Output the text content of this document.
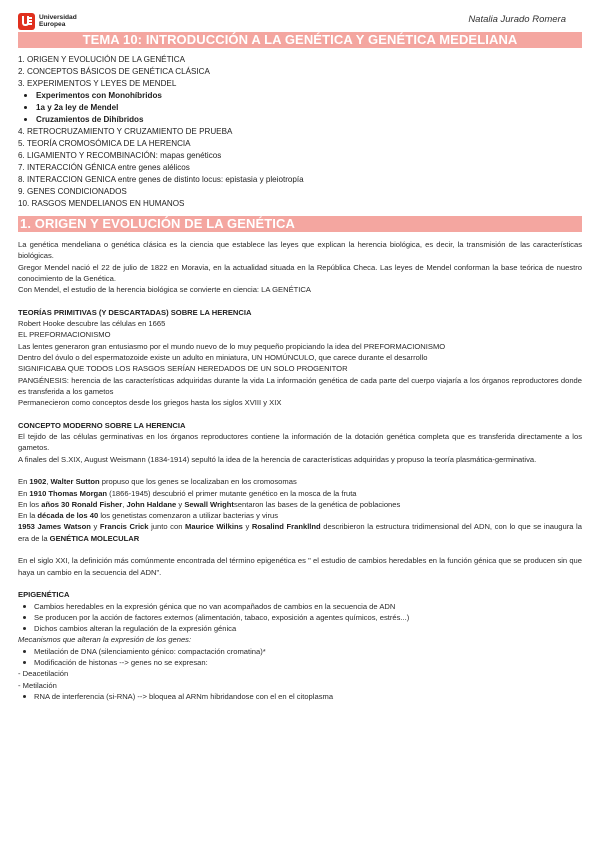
Universidad
Europea	Natalia Jurado Romera
TEMA 10: INTRODUCCIÓN A LA GENÉTICA Y GENÉTICA MEDELIANA
1. ORIGEN Y EVOLUCIÓN DE LA GENÉTICA
2. CONCEPTOS BÁSICOS DE GENÉTICA CLÁSICA
3. EXPERIMENTOS Y LEYES DE MENDEL
Experimentos con Monohíbridos
1a y 2a ley de Mendel
Cruzamientos de Dihíbridos
4. RETROCRUZAMIENTO Y CRUZAMIENTO DE PRUEBA
5. TEORÍA CROMOSÓMICA DE LA HERENCIA
6. LIGAMIENTO Y RECOMBINACIÓN: mapas genéticos
7. INTERACCIÓN GÉNICA entre genes alélicos
8. INTERACCION GENICA entre genes de distinto locus: epistasia y pleiotropía
9. GENES CONDICIONADOS
10. RASGOS MENDELIANOS EN HUMANOS
1. ORIGEN Y EVOLUCIÓN DE LA GENÉTICA

La genética mendeliana o genética clásica es la ciencia que establece las leyes que explican la herencia biológica, es decir, la transmisión de las características biológicas.

Gregor Mendel nació el 22 de julio de 1822 en Moravia, en la actualidad situada en la República Checa. Las leyes de Mendel conforman la base teórica de nuestro conocimiento de la Genética.

Con Mendel, el estudio de la herencia biológica se convierte en ciencia: LA GENÉTICA

TEORÍAS PRIMITIVAS (Y DESCARTADAS) SOBRE LA HERENCIA

Robert Hooke descubre las células en 1665

EL PREFORMACIONISMO

Las lentes generaron gran entusiasmo por el mundo nuevo de lo muy pequeño propiciando la idea del PREFORMACIONISMO

Dentro del óvulo o del espermatozoide existe un adulto en miniatura, UN HOMÚNCULO, que carece durante el desarrollo

SIGNIFICABA QUE TODOS LOS RASGOS SERÍAN HEREDADOS DE UN SOLO PROGENITOR

PANGÉNESIS: herencia de las características adquiridas durante la vida La información genética de cada parte del cuerpo viajaría a los órganos reproductores donde es transferida a los gametos

Permanecieron como conceptos desde los griegos hasta los siglos XVIII y XIX

CONCEPTO MODERNO SOBRE LA HERENCIA

El tejido de las células germinativas en los órganos reproductores contiene la información de la dotación genética completa que es transferida directamente a los gametos.

A finales del S.XIX, August Weismann (1834-1914) sepultó la idea de la herencia de características adquiridas y propuso la teoría plasmática-germinativa.

En 1902, Walter Sutton propuso que los genes se localizaban en los cromosomas

En 1910 Thomas Morgan (1866-1945) descubrió el primer mutante genético en la mosca de la fruta

En los años 30 Ronald Fisher, John Haldane y Sewall Wrightsentaron las bases de la genética de poblaciones

En la década de los 40 los genetistas comenzaron a utilizar bacterias y virus

1953 James Watson y Francis Crick junto con Maurice Wilkins y Rosalind Frankllnd describieron la estructura tridimensional del ADN, con lo que se inaugura la era de la GENÉTICA MOLECULAR

En el siglo XXI, la definición más comúnmente encontrada del término epigenética es " el estudio de cambios heredables en la función génica que se producen sin que haya un cambio en la secuencia del ADN".

EPIGENÉTICA

Cambios heredables en la expresión génica que no van acompañados de cambios en la secuencia de ADN

Se producen por la acción de factores externos (alimentación, tabaco, exposición a agentes químicos, estrés...)

Dichos cambios alteran la regulación de la expresión génica

Mecanismos que alteran la expresión de los genes:

Metilación de DNA (silenciamiento génico: compactación cromatina)*

Modificación de histonas --> genes no se expresan:

- Deacetilación

- Metilación

RNA de interferencia (si-RNA) --> bloquea al ARNm hibridandose con el en el citoplasma
